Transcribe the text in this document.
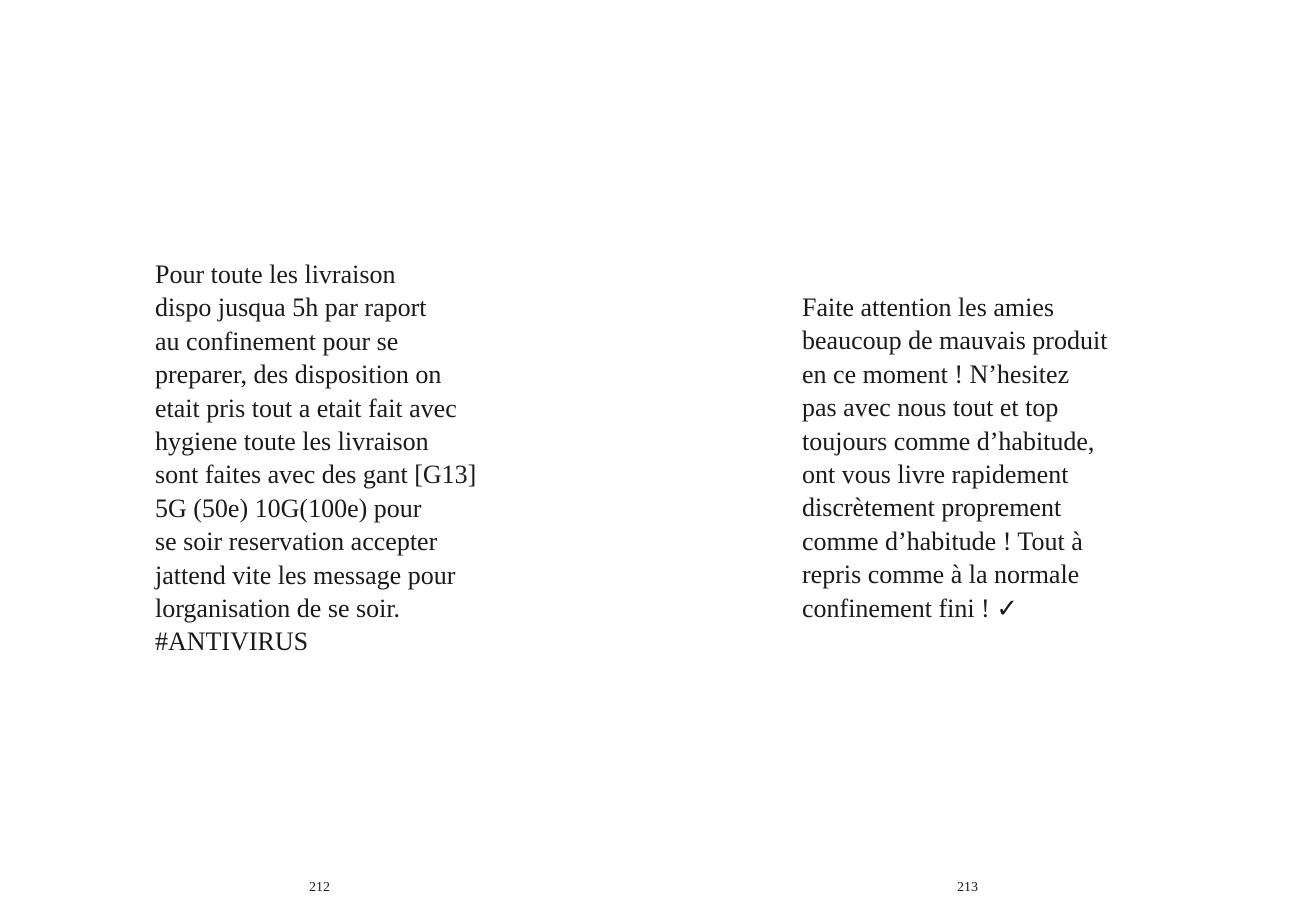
Pour toute les livraison
dispo jusqua 5h par raport
au confinement pour se
preparer, des disposition on
etait pris tout a etait fait avec
hygiene toute les livraison
sont faites avec des gant [G13]
5G (50e) 10G(100e) pour
se soir reservation accepter
jattend vite les message pour
lorganisation de se soir.
#ANTIVIRUS

212

Faite attention les amies
beaucoup de mauvais produit
en ce moment ! N’hesitez
pas avec nous tout et top
toujours comme d’habitude,
ont vous livre rapidement
discrètement proprement
comme d’habitude ! Tout à
repris comme à la normale
confinement fini ! ✓

213
